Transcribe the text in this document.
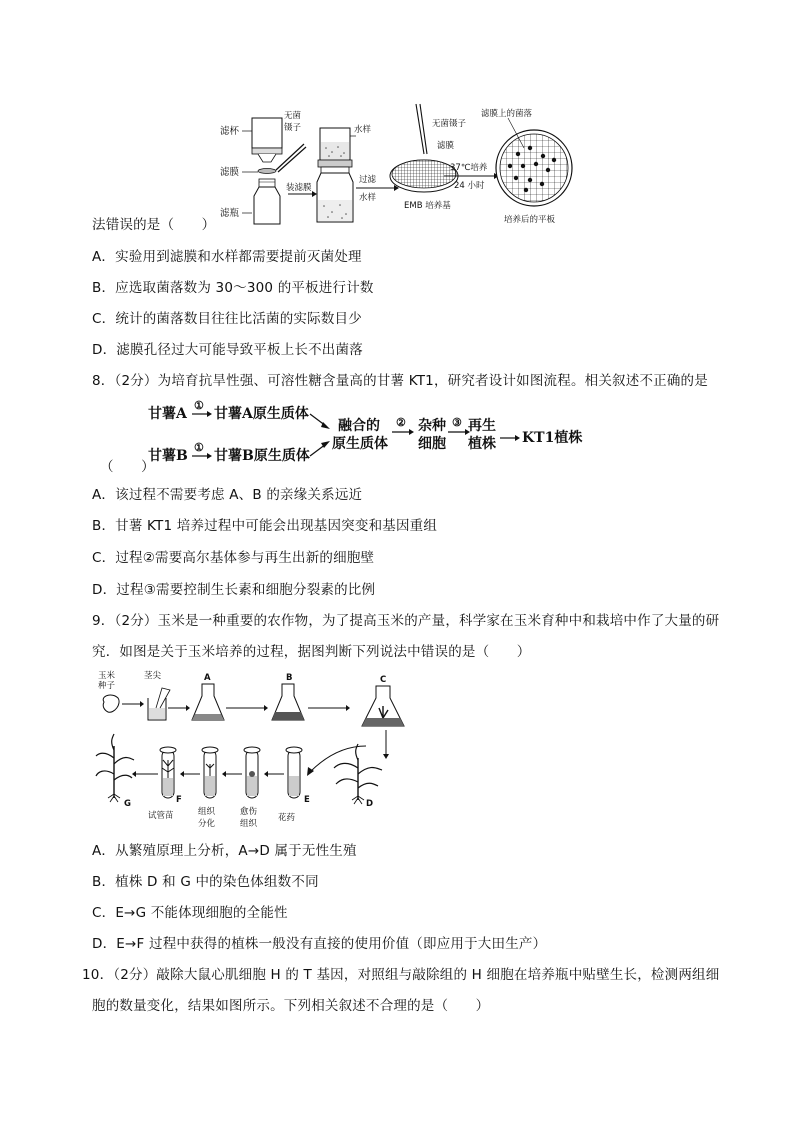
滤杯
滤膜
滤瓶
无菌
镊子	水样
装滤膜
过滤
水样
无菌镊子
滤膜
EMB 培养基
37℃培养
24 小时
滤膜上的菌落
培养后的平板
法错误的是（　　）
A．实验用到滤膜和水样都需要提前灭菌处理
B．应选取菌落数为 30～300 的平板进行计数
C．统计的菌落数目往往比活菌的实际数目少
D．滤膜孔径过大可能导致平板上长不出菌落
8．（2分）为培育抗旱性强、可溶性糖含量高的甘薯 KT1，研究者设计如图流程。相关叙述不正确的是
甘薯A
①
甘薯A原生质体
甘薯B
①
甘薯B原生质体
融合的
原生质体
② 杂种
细胞
③ 再生
植株 KT1植株
（　　）
A．该过程不需要考虑 A、B 的亲缘关系远近
B．甘薯 KT1 培养过程中可能会出现基因突变和基因重组
C．过程②需要高尔基体参与再生出新的细胞壁
D．过程③需要控制生长素和细胞分裂素的比例
9．（2分）玉米是一种重要的农作物，为了提高玉米的产量，科学家在玉米育种中和栽培中作了大量的研
究．如图是关于玉米培养的过程，据图判断下列说法中错误的是（　　）
玉米
种子
茎尖	A	B	C
D
E
花药
愈伤
组织
组织
分化
F
试管苗
G
A．从繁殖原理上分析，A→D 属于无性生殖
B．植株 D 和 G 中的染色体组数不同
C．E→G 不能体现细胞的全能性
D．E→F 过程中获得的植株一般没有直接的使用价值（即应用于大田生产）
10．（2分）敲除大鼠心肌细胞 H 的 T 基因，对照组与敲除组的 H 细胞在培养瓶中贴壁生长，检测两组细
胞的数量变化，结果如图所示。下列相关叙述不合理的是（　　）
